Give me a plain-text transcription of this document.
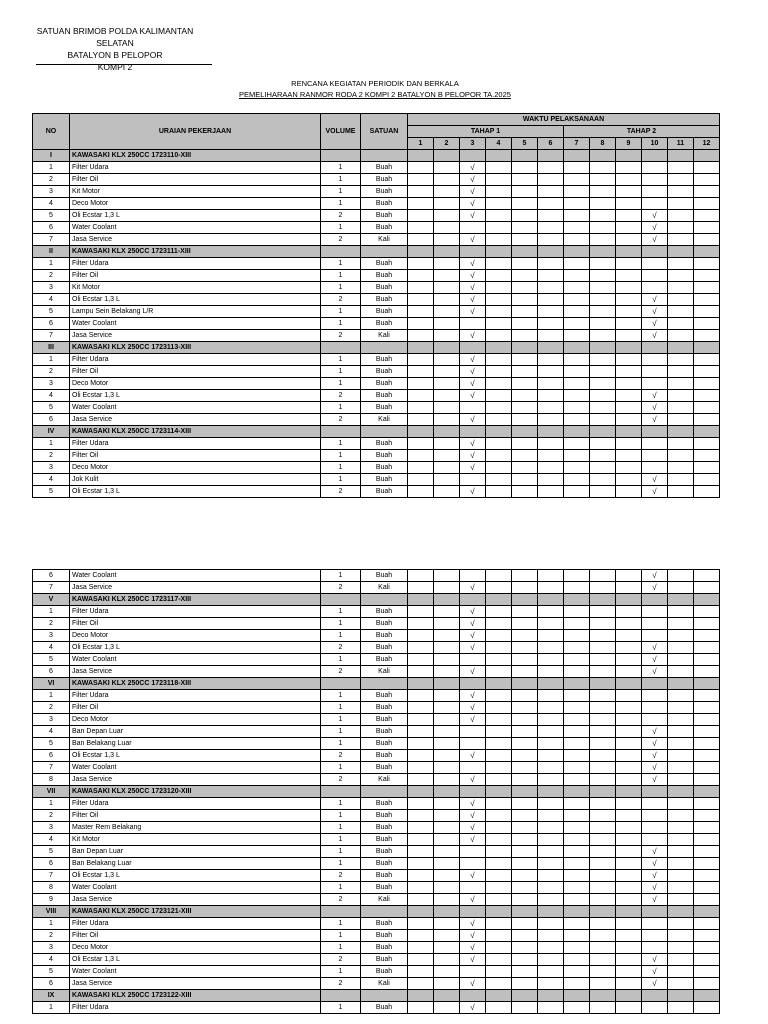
SATUAN BRIMOB POLDA KALIMANTAN SELATAN
BATALYON B PELOPOR
KOMPI 2
RENCANA KEGIATAN PERIODIK DAN BERKALA
PEMELIHARAAN RANMOR RODA 2 KOMPI 2 BATALYON B PELOPOR TA.2025
NO	URAIAN PEKERJAAN	VOLUME	SATUAN	WAKTU PELAKSANAAN											
				TAHAP 1						TAHAP 2					
				1	2	3	4	5	6	7	8	9	10	11	12
I	KAWASAKI KLX 250CC 1723110-XIII														
1	Filter Udara	1	Buah			√									
2	Filter Oil	1	Buah			√									
3	Kit Motor	1	Buah			√									
4	Deco Motor	1	Buah			√									
5	Oli Ecstar 1,3 L	2	Buah			√							√		
6	Water Coolant	1	Buah										√		
7	Jasa Service	2	Kali			√							√		
II	KAWASAKI KLX 250CC 1723111-XIII														
1	Filter Udara	1	Buah			√									
2	Filter Oil	1	Buah			√									
3	Kit Motor	1	Buah			√									
4	Oli Ecstar 1,3 L	2	Buah			√							√		
5	Lampu Sein Belakang L/R	1	Buah			√							√		
6	Water Coolant	1	Buah										√		
7	Jasa Service	2	Kali			√							√		
III	KAWASAKI KLX 250CC 1723113-XIII														
1	Filter Udara	1	Buah			√									
2	Filter Oil	1	Buah			√									
3	Deco Motor	1	Buah			√									
4	Oli Ecstar 1,3 L	2	Buah			√							√		
5	Water Coolant	1	Buah										√		
6	Jasa Service	2	Kali			√							√		
IV	KAWASAKI KLX 250CC 1723114-XIII														
1	Filter Udara	1	Buah			√									
2	Filter Oil	1	Buah			√									
3	Deco Motor	1	Buah			√									
4	Jok Kulit	1	Buah										√		
5	Oli Ecstar 1,3 L	2	Buah			√							√		
6	Water Coolant	1	Buah										√		
7	Jasa Service	2	Kali			√							√		
V	KAWASAKI KLX 250CC 1723117-XIII														
1	Filter Udara	1	Buah			√									
2	Filter Oil	1	Buah			√									
3	Deco Motor	1	Buah			√									
4	Oli Ecstar 1,3 L	2	Buah			√							√		
5	Water Coolant	1	Buah										√		
6	Jasa Service	2	Kali			√							√		
VI	KAWASAKI KLX 250CC 1723118-XIII														
1	Filter Udara	1	Buah			√									
2	Filter Oil	1	Buah			√									
3	Deco Motor	1	Buah			√									
4	Ban Depan Luar	1	Buah										√		
5	Ban Belakang Luar	1	Buah										√		
6	Oli Ecstar 1,3 L	2	Buah			√							√		
7	Water Coolant	1	Buah										√		
8	Jasa Service	2	Kali			√							√		
VII	KAWASAKI KLX 250CC 1723120-XIII														
1	Filter Udara	1	Buah			√									
2	Filter Oil	1	Buah			√									
3	Master Rem Belakang	1	Buah			√									
4	Kit Motor	1	Buah			√									
5	Ban Depan Luar	1	Buah										√		
6	Ban Belakang Luar	1	Buah										√		
7	Oli Ecstar 1,3 L	2	Buah			√							√		
8	Water Coolant	1	Buah										√		
9	Jasa Service	2	Kali			√							√		
VIII	KAWASAKI KLX 250CC 1723121-XIII														
1	Filter Udara	1	Buah			√									
2	Filter Oil	1	Buah			√									
3	Deco Motor	1	Buah			√									
4	Oli Ecstar 1,3 L	2	Buah			√							√		
5	Water Coolant	1	Buah										√		
6	Jasa Service	2	Kali			√							√		
IX	KAWASAKI KLX 250CC 1723122-XIII														
1	Filter Udara	1	Buah			√									
